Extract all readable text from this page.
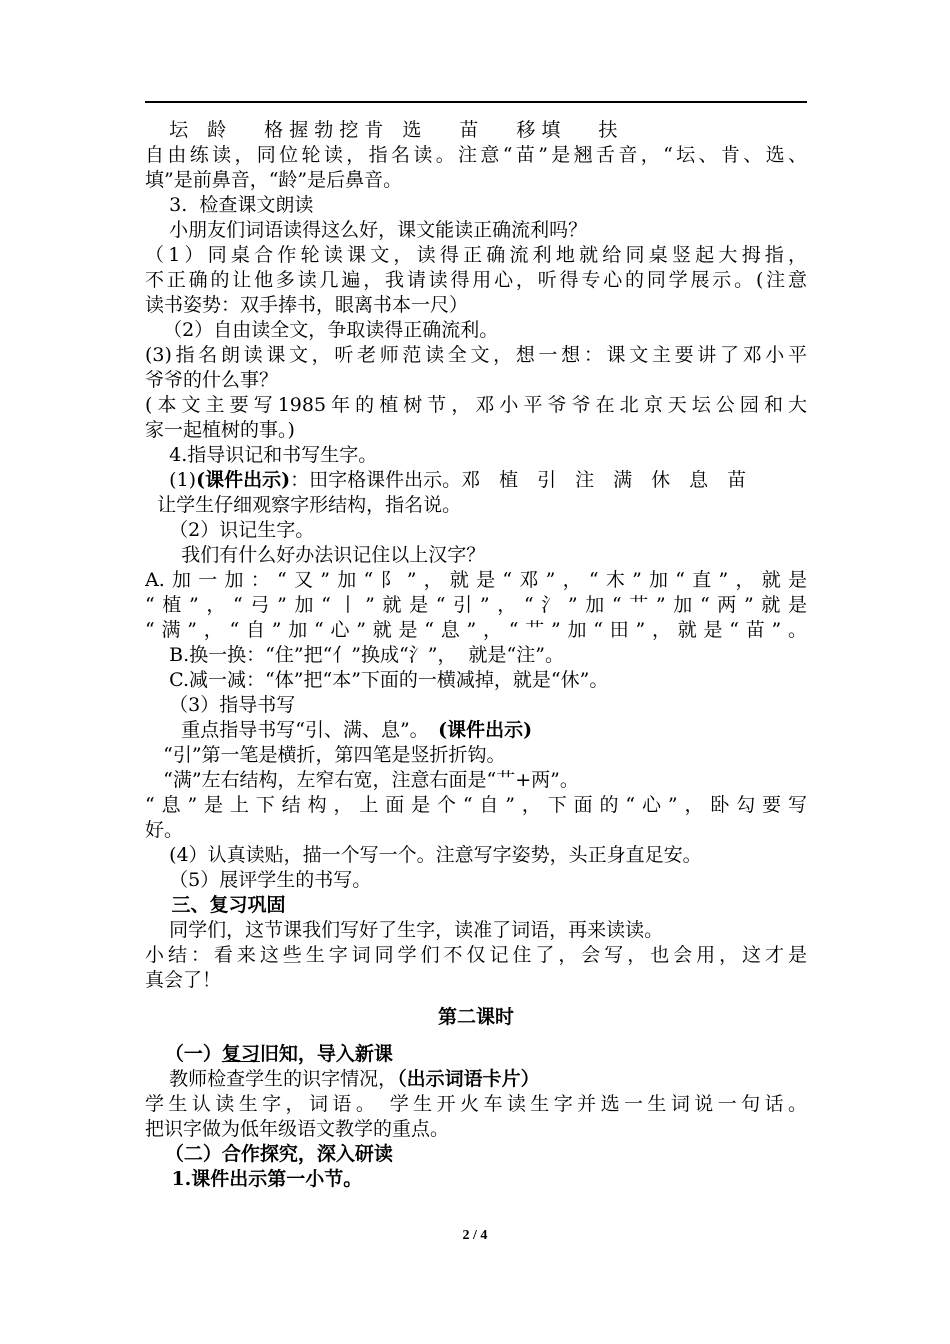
坛　龄　　格 握 勃 挖 肯　选　　苗　　移 填　　扶
自由练读，同位轮读，指名读。注意“苗”是翘舌音，“坛、肯、选、
填”是前鼻音，“龄”是后鼻音。
3.  检查课文朗读
小朋友们词语读得这么好，课文能读正确流利吗？
（1）同桌合作轮读课文，读得正确流利地就给同桌竖起大拇指，
不正确的让他多读几遍，我请读得用心，听得专心的同学展示。(注意
读书姿势：双手捧书，眼离书本一尺）
（2）自由读全文，争取读得正确流利。
(3)指名朗读课文，听老师范读全文，想一想：课文主要讲了邓小平
爷爷的什么事？
(本文主要写1985年的植树节，邓小平爷爷在北京天坛公园和大
家一起植树的事。)
4.指导识记和书写生字。
(1)(课件出示)：田字格课件出示。邓　植　引　注　满　休　息　苗
让学生仔细观察字形结构，指名说。
（2）识记生字。
我们有什么好办法识记住以上汉字？
A.加一加：“又”加“阝”，就是“邓”，“木”加“直”，就是
“植”，“弓”加“丨”就是“引”，“氵”加“艹”加“两”就是
“满”，“自”加“心”就是“息”，“艹”加“田”，就是“苗”。
B.换一换：“住”把“亻”换成“氵”，  就是“注”。
C.减一减：“体”把“本”下面的一横减掉，就是“休”。
（3）指导书写
重点指导书写“引、满、息”。　(课件出示)
“引”第一笔是横折，第四笔是竖折折钩。
“满”左右结构，左窄右宽，注意右面是“艹+两”。
“息”是上下结构，上面是个“自”，下面的“心”，卧勾要写
好。
(4）认真读贴，描一个写一个。注意写字姿势，头正身直足安。
（5）展评学生的书写。
三、复习巩固
同学们，这节课我们写好了生字，读准了词语，再来读读。
小结：看来这些生字词同学们不仅记住了，会写，也会用，这才是
真会了！
第二课时
（一）复习旧知，导入新课
教师检查学生的识字情况，（出示词语卡片）
学生认读生字，词语。 学生开火车读生字并选一生词说一句话。
把识字做为低年级语文教学的重点。
（二）合作探究，深入研读
1.课件出示第一小节。
2 / 4
